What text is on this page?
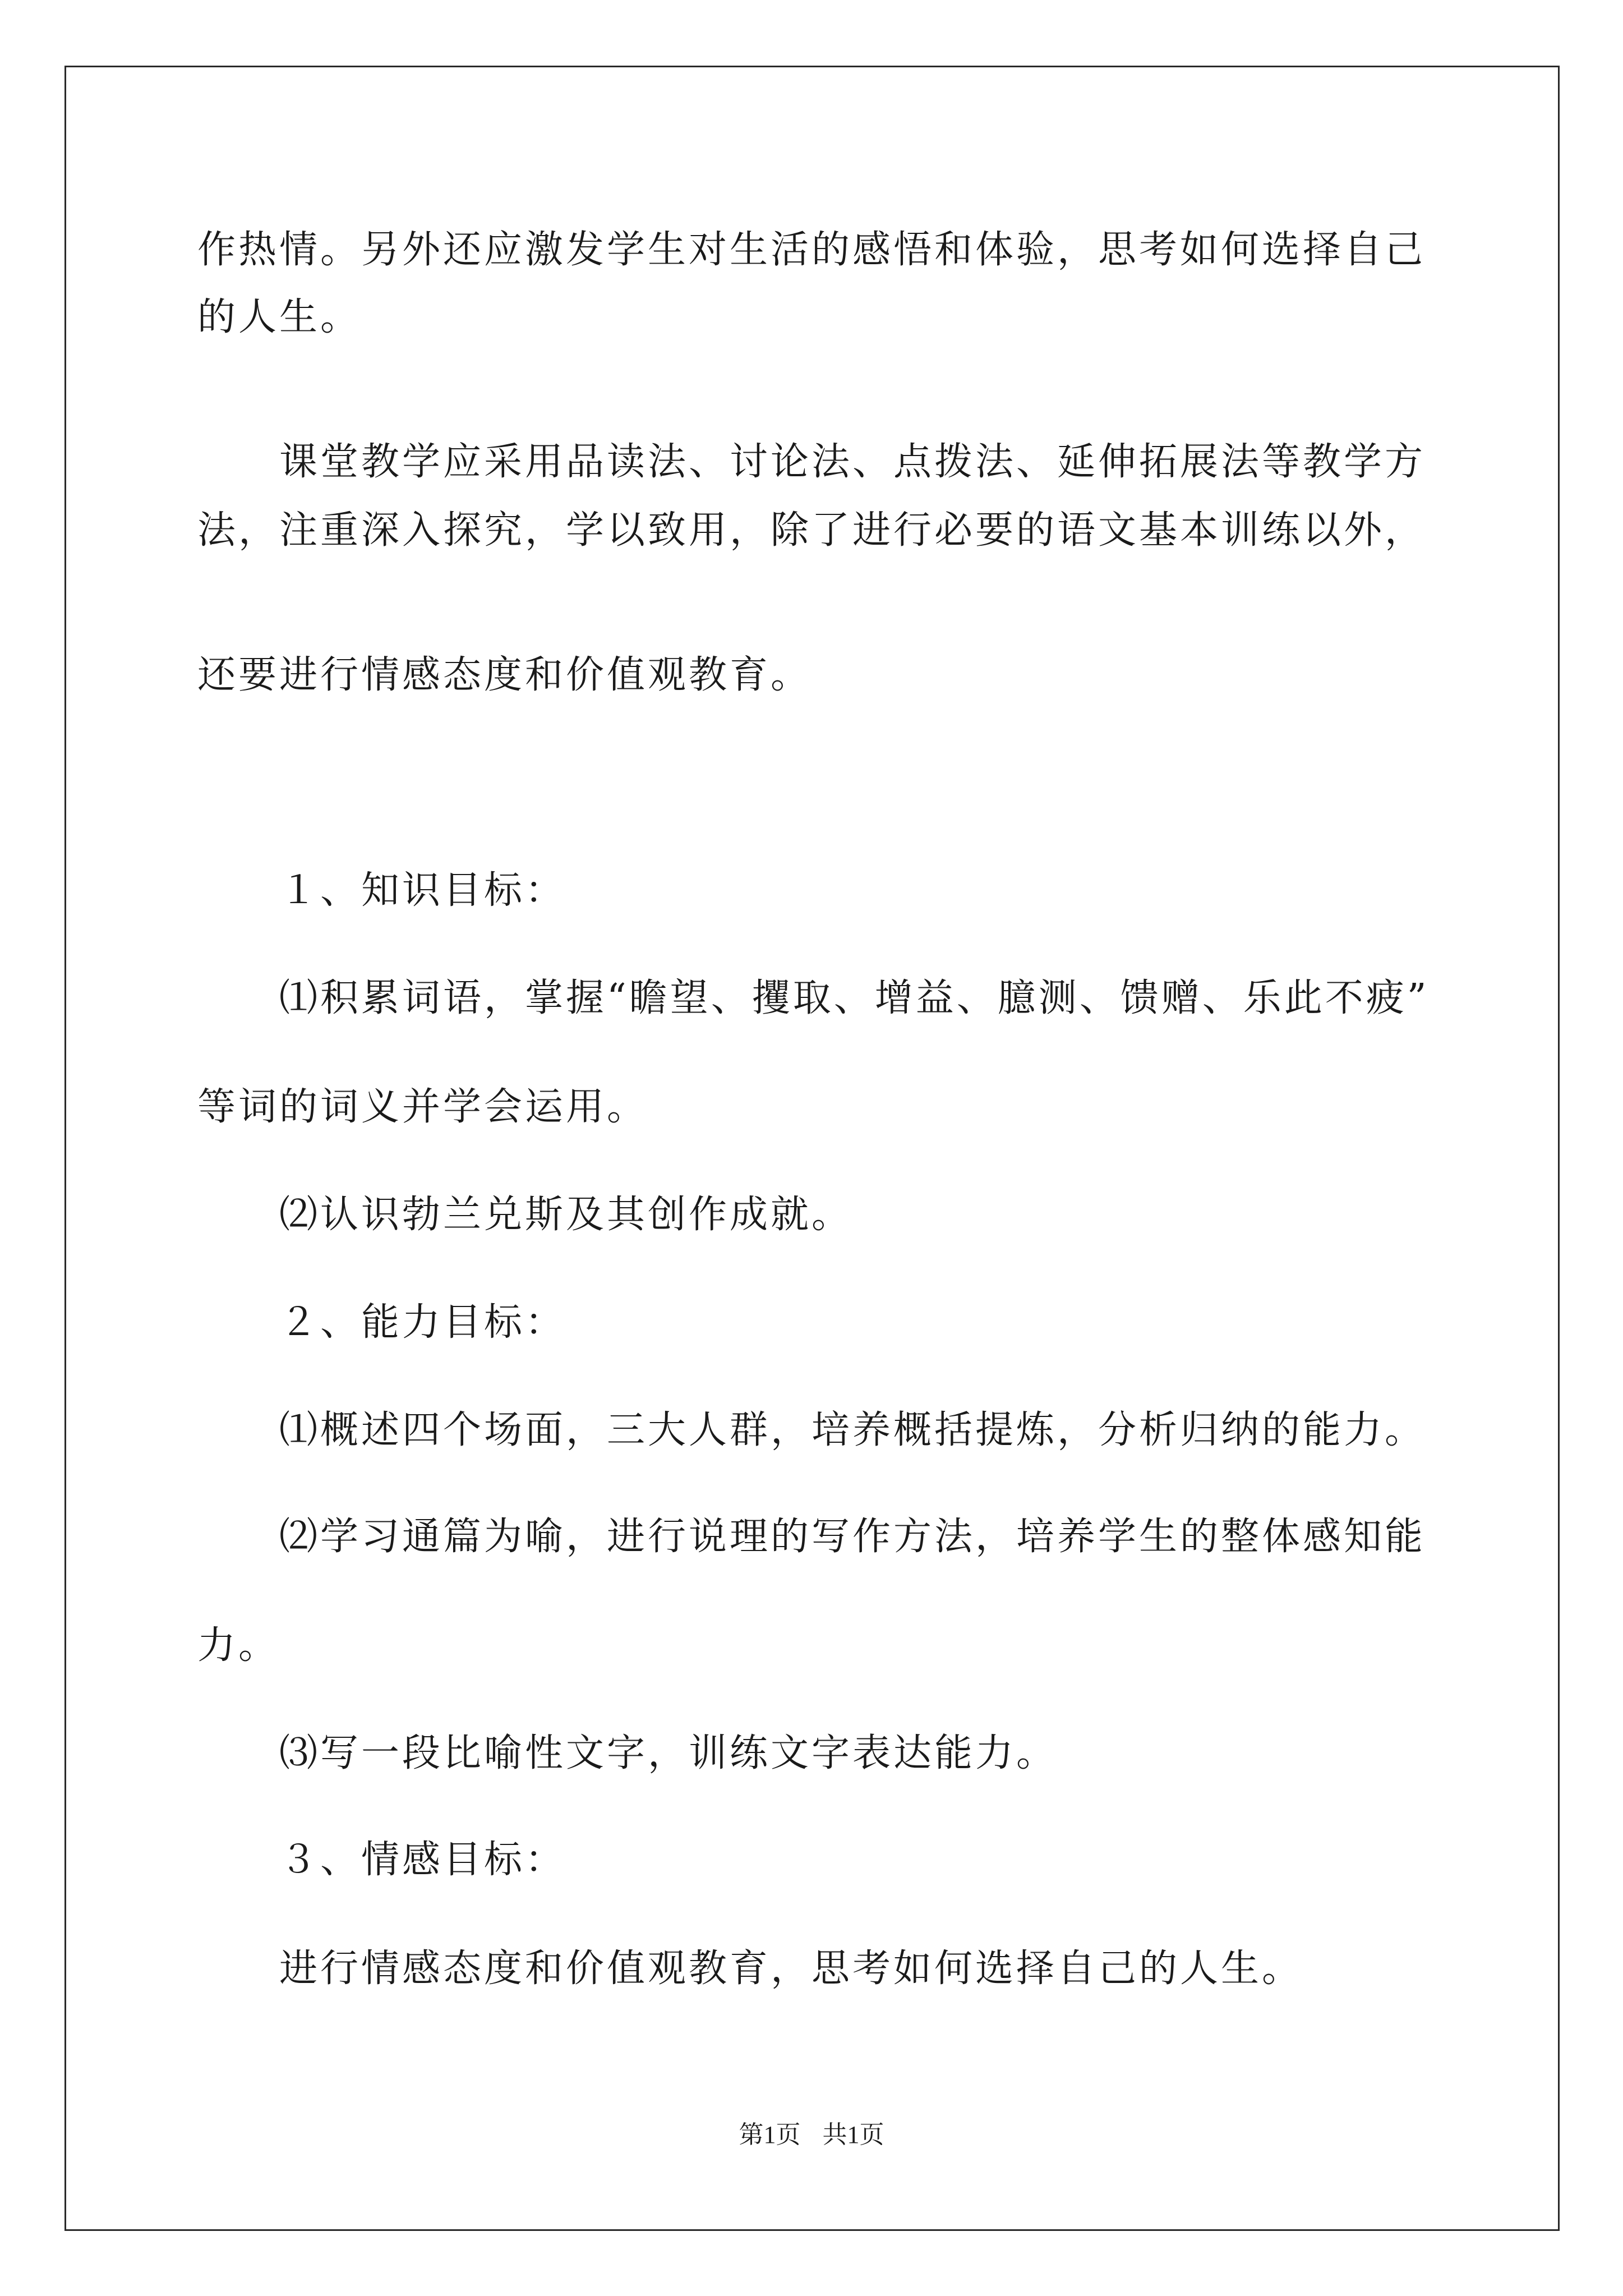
作热情。另外还应激发学生对生活的感悟和体验，思考如何选择自己
的人生。
课堂教学应采用品读法、讨论法、点拨法、延伸拓展法等教学方
法，注重深入探究，学以致用，除了进行必要的语文基本训练以外，
还要进行情感态度和价值观教育。
１、知识目标：
⑴积累词语，掌握“瞻望、攫取、增益、臆测、馈赠、乐此不疲”
等词的词义并学会运用。
⑵认识勃兰兑斯及其创作成就。
２、能力目标：
⑴概述四个场面，三大人群，培养概括提炼，分析归纳的能力。
⑵学习通篇为喻，进行说理的写作方法，培养学生的整体感知能
力。
⑶写一段比喻性文字，训练文字表达能力。
３、情感目标：
进行情感态度和价值观教育，思考如何选择自己的人生。
第1页 共1页
